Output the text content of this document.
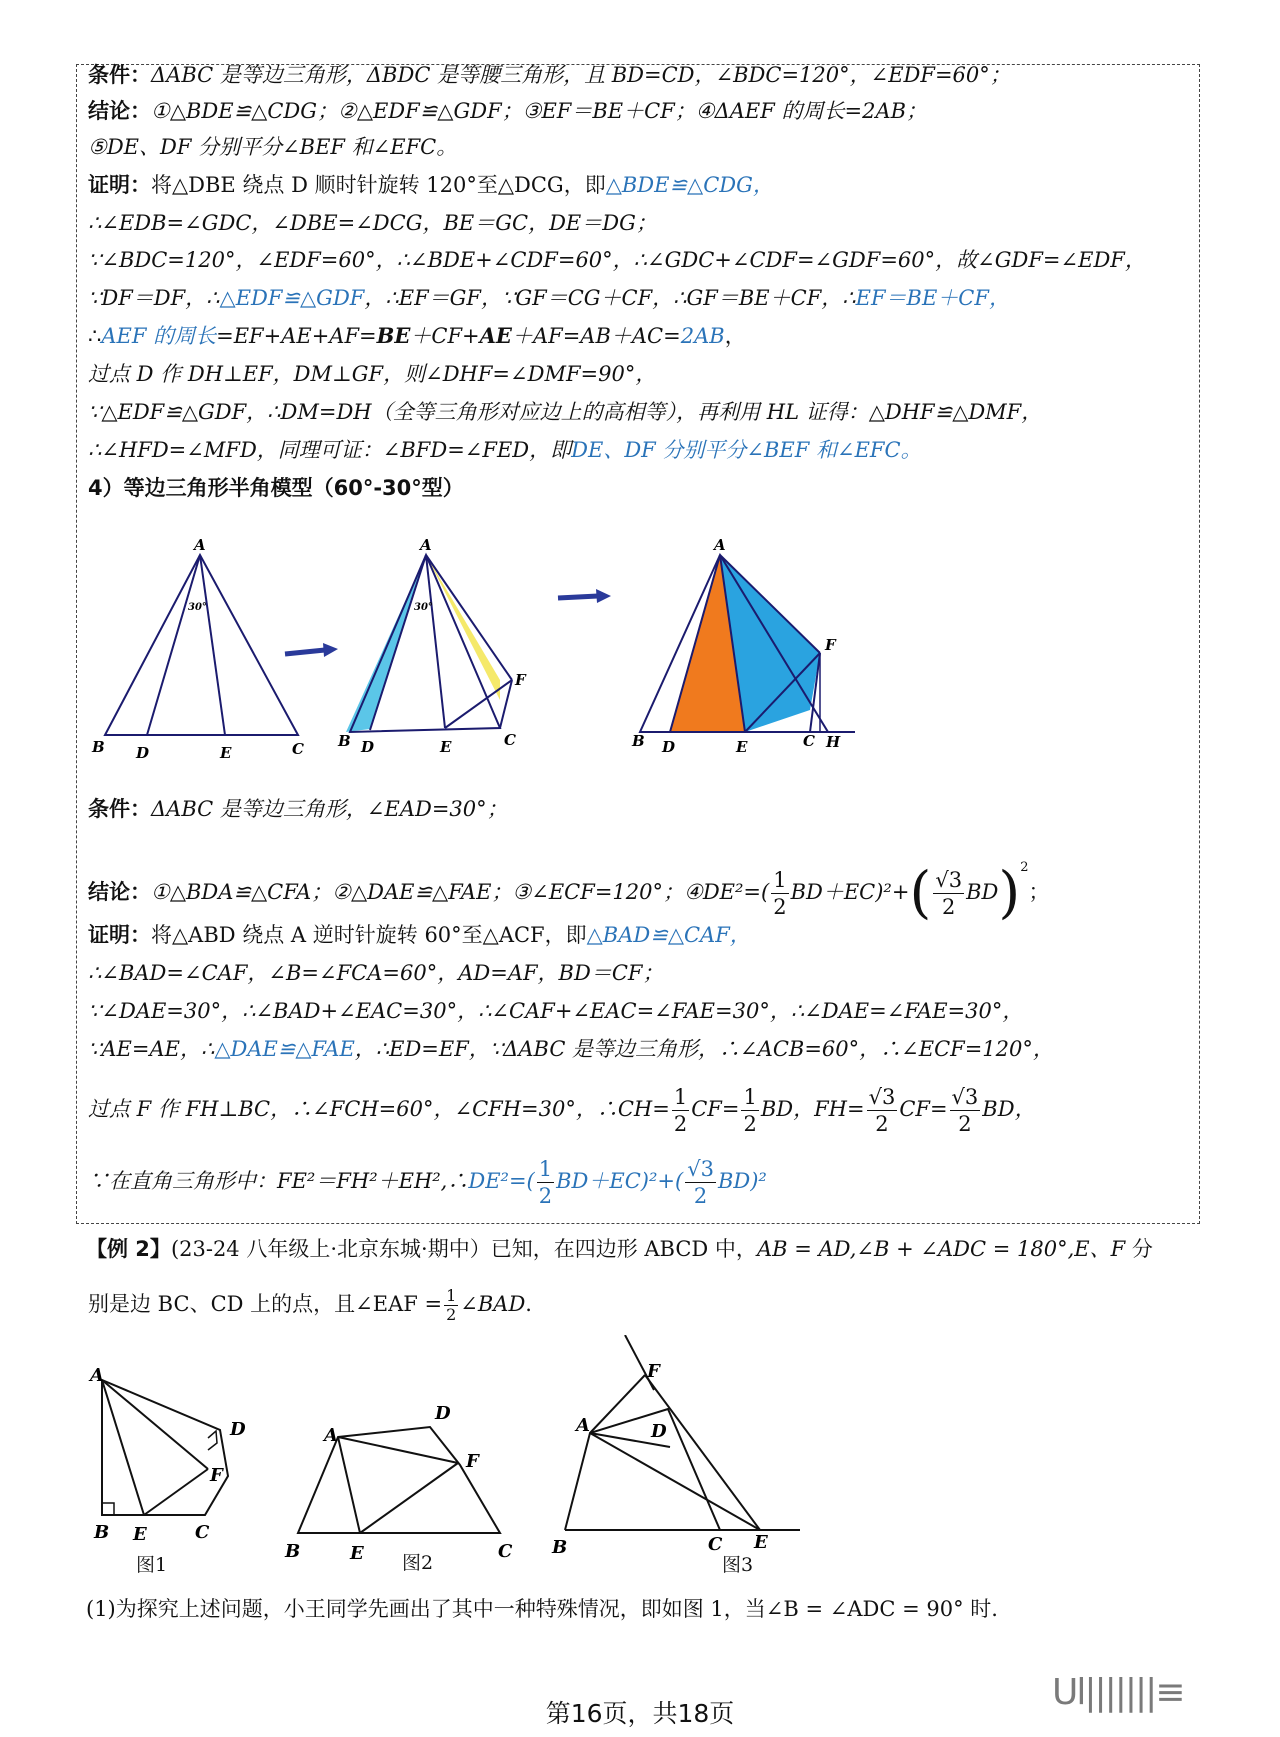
条件：ΔABC 是等边三角形，ΔBDC 是等腰三角形，且 BD=CD，∠BDC=120°，∠EDF=60°；
结论：①△BDE≌△CDG；②△EDF≌△GDF；③EF＝BE＋CF；④ΔAEF 的周长=2AB；
⑤DE、DF 分别平分∠BEF 和∠EFC。
证明：将△DBE 绕点 D 顺时针旋转 120°至△DCG，即△BDE≌△CDG，
∴∠EDB=∠GDC，∠DBE=∠DCG，BE＝GC，DE＝DG；
∵∠BDC=120°，∠EDF=60°，∴∠BDE+∠CDF=60°，∴∠GDC+∠CDF=∠GDF=60°，故∠GDF=∠EDF，
∵DF＝DF，∴△EDF≌△GDF，∴EF＝GF，∵GF＝CG＋CF，∴GF＝BE＋CF，∴EF＝BE＋CF，
∴AEF 的周长=EF+AE+AF=BE＋CF+AE＋AF=AB＋AC=2AB，
过点 D 作 DH⊥EF，DM⊥GF，则∠DHF=∠DMF=90°，
∵△EDF≌△GDF，∴DM=DH（全等三角形对应边上的高相等），再利用 HL 证得：△DHF≌△DMF，
∴∠HFD=∠MFD，同理可证：∠BFD=∠FED，即DE、DF 分别平分∠BEF 和∠EFC。
4）等边三角形半角模型（60°-30°型）
A
30°
B D	E	C
A
30°
B D	E	C
F
A
B D	E	C H
F
条件：ΔABC 是等边三角形，∠EAD=30°；
结论：①△BDA≌△CFA；②△DAE≌△FAE；③∠ECF=120°；④DE²=( $\frac{1}{2} BD+EC)^2+( \frac{√3}{2} BD)^2$；
证明：将△ABD 绕点 A 逆时针旋转 60°至△ACF，即△BAD≌△CAF，
∴∠BAD=∠CAF，∠B=∠FCA=60°，AD=AF，BD＝CF；
∵∠DAE=30°，∴∠BAD+∠EAC=30°，∴∠CAF+∠EAC=∠FAE=30°，∴∠DAE=∠FAE=30°，
∵AE=AE，∴△DAE≌△FAE，∴ED=EF，∵ΔABC 是等边三角形，∴∠ACB=60°，∴∠ECF=120°，
过点 F 作 FH⊥BC，∴∠FCH=60°，∠CFH=30°，∴CH= $\frac{1}{2} CF= \frac{1}{2}$ BD，$FH= \frac{√3}{2} CF= \frac{√3}{2}$ BD，
∵在直角三角形中：FE²＝FH²＋EH²,∴DE²=( $\frac{1}{2} BD+EC)^2+( \frac{√3}{2} BD)^2$
【例 2】(23-24 八年级上·北京东城·期中）已知，在四边形 ABCD 中，AB = AD,∠B + ∠ADC = 180°,E、F 分
别是边 BC、CD 上的点，且∠EAF = $\frac{1}{2}$ ∠BAD.
A
D
F
B E	C
A
D
F
B	E	C
A
F
D
B	C E
图1	图2	图3
(1)为探究上述问题，小王同学先画出了其中一种特殊情况，即如图 1，当∠B = ∠ADC = 90° 时.
第16页，共18页
Ul|||||||≡
